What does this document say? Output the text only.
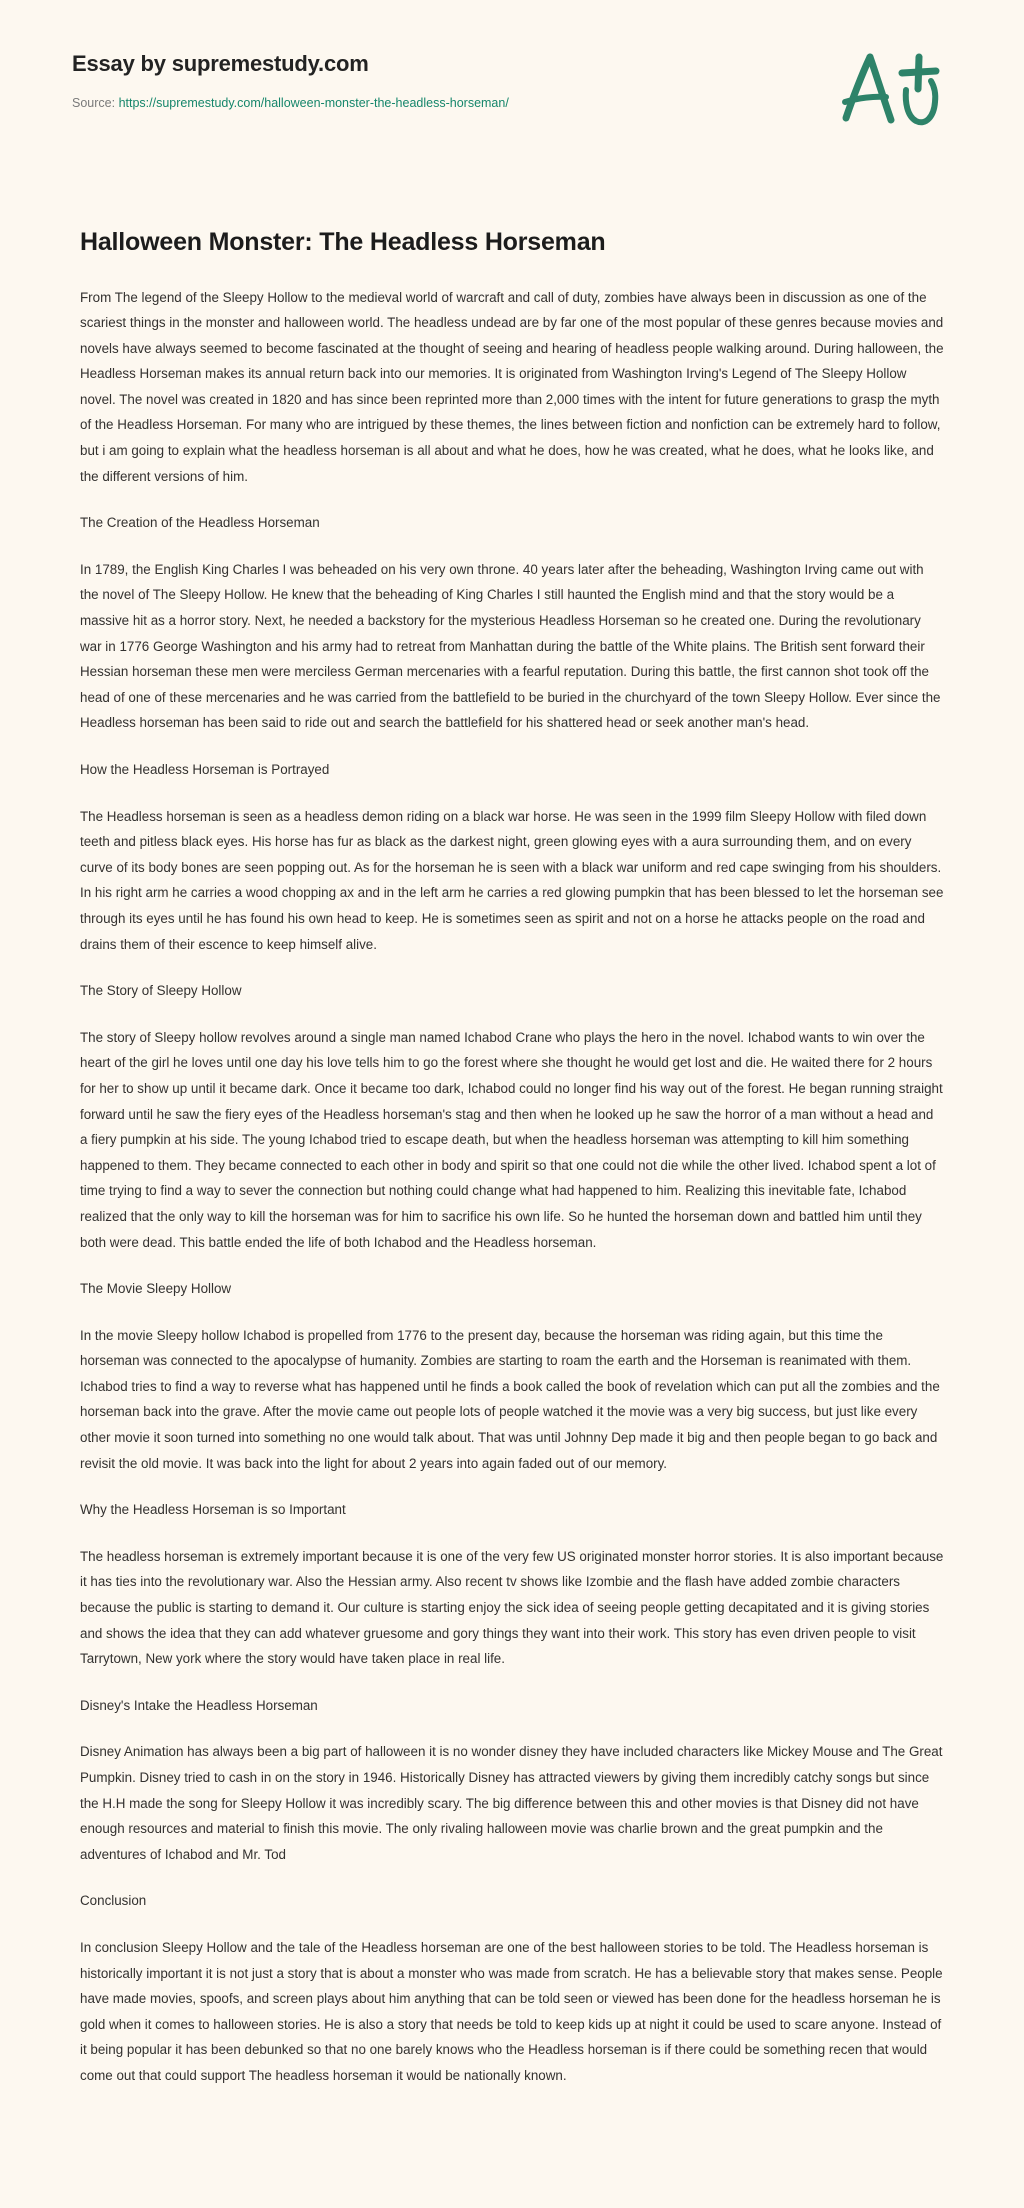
Essay by supremestudy.com
Source: https://supremestudy.com/halloween-monster-the-headless-horseman/
Halloween Monster: The Headless Horseman

From The legend of the Sleepy Hollow to the medieval world of warcraft and call of duty, zombies have always been in discussion as one of the scariest things in the monster and halloween world. The headless undead are by far one of the most popular of these genres because movies and novels have always seemed to become fascinated at the thought of seeing and hearing of headless people walking around. During halloween, the Headless Horseman makes its annual return back into our memories. It is originated from Washington Irving's Legend of The Sleepy Hollow novel. The novel was created in 1820 and has since been reprinted more than 2,000 times with the intent for future generations to grasp the myth of the Headless Horseman. For many who are intrigued by these themes, the lines between fiction and nonfiction can be extremely hard to follow, but i am going to explain what the headless horseman is all about and what he does, how he was created, what he does, what he looks like, and the different versions of him.

The Creation of the Headless Horseman

In 1789, the English King Charles I was beheaded on his very own throne. 40 years later after the beheading, Washington Irving came out with the novel of The Sleepy Hollow. He knew that the beheading of King Charles I still haunted the English mind and that the story would be a massive hit as a horror story. Next, he needed a backstory for the mysterious Headless Horseman so he created one. During the revolutionary war in 1776 George Washington and his army had to retreat from Manhattan during the battle of the White plains. The British sent forward their Hessian horseman these men were merciless German mercenaries with a fearful reputation. During this battle, the first cannon shot took off the head of one of these mercenaries and he was carried from the battlefield to be buried in the churchyard of the town Sleepy Hollow. Ever since the Headless horseman has been said to ride out and search the battlefield for his shattered head or seek another man's head.

How the Headless Horseman is Portrayed

The Headless horseman is seen as a headless demon riding on a black war horse. He was seen in the 1999 film Sleepy Hollow with filed down teeth and pitless black eyes. His horse has fur as black as the darkest night, green glowing eyes with a aura surrounding them, and on every curve of its body bones are seen popping out. As for the horseman he is seen with a black war uniform and red cape swinging from his shoulders. In his right arm he carries a wood chopping ax and in the left arm he carries a red glowing pumpkin that has been blessed to let the horseman see through its eyes until he has found his own head to keep. He is sometimes seen as spirit and not on a horse he attacks people on the road and drains them of their escence to keep himself alive.

The Story of Sleepy Hollow

The story of Sleepy hollow revolves around a single man named Ichabod Crane who plays the hero in the novel. Ichabod wants to win over the heart of the girl he loves until one day his love tells him to go the forest where she thought he would get lost and die. He waited there for 2 hours for her to show up until it became dark. Once it became too dark, Ichabod could no longer find his way out of the forest. He began running straight forward until he saw the fiery eyes of the Headless horseman's stag and then when he looked up he saw the horror of a man without a head and a fiery pumpkin at his side. The young Ichabod tried to escape death, but when the headless horseman was attempting to kill him something happened to them. They became connected to each other in body and spirit so that one could not die while the other lived. Ichabod spent a lot of time trying to find a way to sever the connection but nothing could change what had happened to him. Realizing this inevitable fate, Ichabod realized that the only way to kill the horseman was for him to sacrifice his own life. So he hunted the horseman down and battled him until they both were dead. This battle ended the life of both Ichabod and the Headless horseman.

The Movie Sleepy Hollow

In the movie Sleepy hollow Ichabod is propelled from 1776 to the present day, because the horseman was riding again, but this time the horseman was connected to the apocalypse of humanity. Zombies are starting to roam the earth and the Horseman is reanimated with them. Ichabod tries to find a way to reverse what has happened until he finds a book called the book of revelation which can put all the zombies and the horseman back into the grave. After the movie came out people lots of people watched it the movie was a very big success, but just like every other movie it soon turned into something no one would talk about. That was until Johnny Dep made it big and then people began to go back and revisit the old movie. It was back into the light for about 2 years into again faded out of our memory.

Why the Headless Horseman is so Important

The headless horseman is extremely important because it is one of the very few US originated monster horror stories. It is also important because it has ties into the revolutionary war. Also the Hessian army. Also recent tv shows like Izombie and the flash have added zombie characters because the public is starting to demand it. Our culture is starting enjoy the sick idea of seeing people getting decapitated and it is giving stories and shows the idea that they can add whatever gruesome and gory things they want into their work. This story has even driven people to visit Tarrytown, New york where the story would have taken place in real life.

Disney's Intake the Headless Horseman

Disney Animation has always been a big part of halloween it is no wonder disney they have included characters like Mickey Mouse and The Great Pumpkin. Disney tried to cash in on the story in 1946. Historically Disney has attracted viewers by giving them incredibly catchy songs but since the H.H made the song for Sleepy Hollow it was incredibly scary. The big difference between this and other movies is that Disney did not have enough resources and material to finish this movie. The only rivaling halloween movie was charlie brown and the great pumpkin and the adventures of Ichabod and Mr. Tod

Conclusion

In conclusion Sleepy Hollow and the tale of the Headless horseman are one of the best halloween stories to be told. The Headless horseman is historically important it is not just a story that is about a monster who was made from scratch. He has a believable story that makes sense. People have made movies, spoofs, and screen plays about him anything that can be told seen or viewed has been done for the headless horseman he is gold when it comes to halloween stories. He is also a story that needs be told to keep kids up at night it could be used to scare anyone. Instead of it being popular it has been debunked so that no one barely knows who the Headless horseman is if there could be something recen that would come out that could support The headless horseman it would be nationally known.
